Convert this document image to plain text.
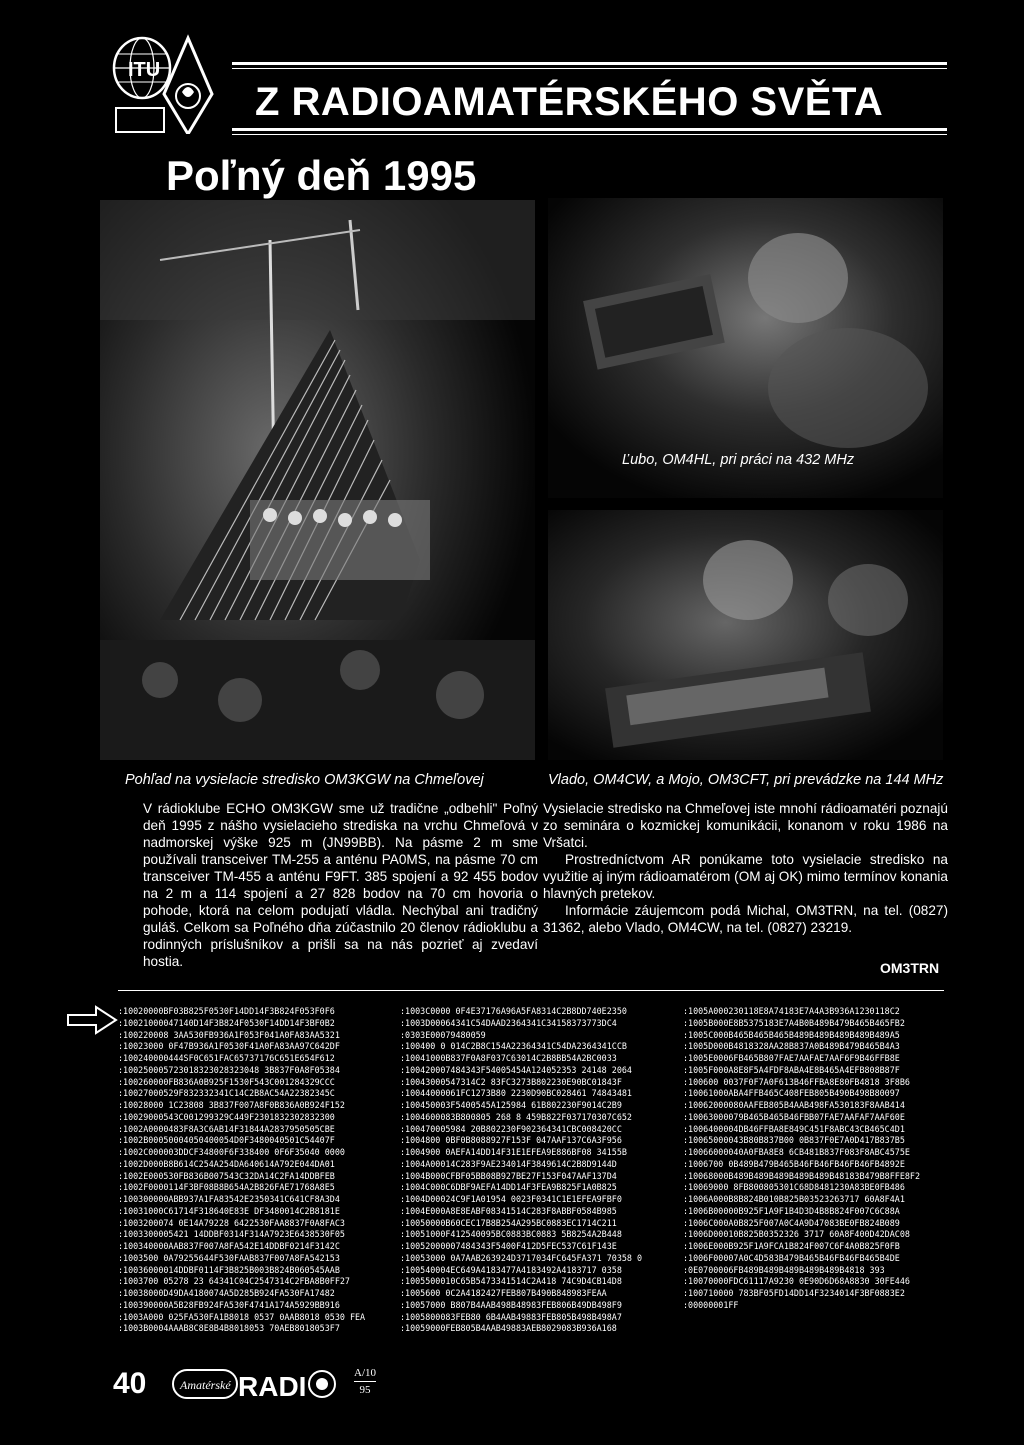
ITU
Z RADIOAMATÉRSKÉHO SVĚTA
Poľný deň 1995
Ľubo, OM4HL, pri práci na 432 MHz
Pohľad na vysielacie stredisko OM3KGW na Chmeľovej	Vlado, OM4CW, a Mojo, OM3CFT, pri prevádzke na 144 MHz

V rádioklube ECHO OM3KGW sme už tradične „odbehli" Poľný deň 1995 z nášho vysielacieho strediska na vrchu Chmeľová v nadmorskej výške 925 m (JN99BB). Na pásme 2 m sme používali transceiver TM-255 a anténu PA0MS, na pásme 70 cm transceiver TM-455 a anténu F9FT. 385 spojení a 92 455 bodov na 2 m a 114 spojení a 27 828 bodov na 70 cm hovoria o pohode, ktorá na celom podujatí vládla. Nechýbal ani tradičný guláš. Celkom sa Poľného dňa zúčastnilo 20 členov rádioklubu a rodinných príslušníkov a prišli sa na nás pozrieť aj zvedaví hostia.

Vysielacie stredisko na Chmeľovej iste mnohí rádioamatéri poznajú zo seminára o kozmickej komunikácii, konanom v roku 1986 na Vršatci.

Prostredníctvom AR ponúkame toto vysielacie stredisko na využitie aj iným rádioamatérom (OM aj OK) mimo termínov konania hlavných pretekov.

Informácie záujemcom podá Michal, OM3TRN, na tel. (0827) 31362, alebo Vlado, OM4CW, na tel. (0827) 23219.

OM3TRN
:10020000BF03B825F0530F14DD14F3B824F053F0F6
:10021000047140D14F3B824F0530F14DD14F3BF0B2
:100220008 3AA530FB936A1F053F041A0FA83AA5321
:10023000 0F47B936A1F0530F41A0FA83AA97C642DF
:100240000444SF0C651FAC65737176C651E654F612
:100250005723018323028323048 3B837F0A8F05384
:100260000FB836A0B925F1530F543C001284329CCC
:10027000529F832332341C14C2B8AC54A22382345C
:10028000 1C23808 3B837F007A8F0B836A0B924F152
:10029000543C001299329C449F2301832302832300
:1002A0000483F8A3C6AB14F31844A2837950505CBE
:1002B00050004050400054D0F3480040501C54407F
:1002C000003DDCF34800F6F338400 0F6F35040 0000
:1002D000B8B614C254A254DA640614A792E044DA01
:1002E000530FB836B007543C32DA14C2FA14DDBFEB
:1002F0000114F3BF08B8B654A2B826FAE71768A8E5
:100300000ABB937A1FA83542E2350341C641CF8A3D4
:10031000C61714F318640E83E DF3480014C2B8181E
:1003200074 0E14A79228 6422530FAA8837F0A8FAC3
:1003300005421 14DDBF0314F314A7923E6438530F05
:100340000AAB837F007A8FA542E14DDBF0214F3142C
:1003500 0A79255644F530FAAB837F007A8FA542153
:10036000014DDBF0114F3B825B003B824B060545AAB
:1003700 05278 23 64341C04C2547314C2FBA8B0FF27
:10038000D49DA4180074A5D285B924FA530FA17482
:100390000A5B28FB924FA530F4741A174A5929BB916
:1003A000 025FA530FA1B8018 0537 0AAB8018 0530 FEA
:1003B0004AAAB8C8E8B4B8018053 70AEB8018053F7
:1003C0000 0F4E37176A96A5FA8314C2B8DD740E2350
:1003D00064341C54DAAD2364341C34158373773DC4
:0303E00079480059
:100400 0 014C2B8C154A22364341C54DA2364341CCB
:10041000B837F0A8F037C63014C2B8BB54A2BC0033
:100420007484343F54005454A124052353 24148 2064
:10043000547314C2 83FC3273B802230E90BC01843F
:10044000061FC1273B80 2230D90BC028461 74843481
:100450003F5400545A125984 61B802230F9014C2B9
:1004600083B800805 268 8 459B822F037170307C652
:100470005984 20B802230F902364341CBC008420CC
:1004800 0BF0B8088927F153F 047AAF137C6A3F956
:1004900 0AEFA14DD14F31E1EFEA9E886BF08 34155B
:1004A00014C283F9AE234014F3849614C2B8D9144D
:1004B000CFBF05BB08B927BE27F153F047AAF137D4
:1004C000C6DBF9AEFA14DD14F3FEA9B825F1A0B825
:1004D00024C9F1A01954 0023F0341C1E1EFEA9FBF0
:1004E000A8E8EABF08341514C283F8ABBF0584B985
:10050000B60CEC17B8B254A295BC0883EC1714C211
:10051000F412540095BC0883BC0883 5B8254A2B448
:10052000007484343F5400F412D5FEC537C61F143E
:10053000 0A7AAB263924D3717034FC645FA371 70358 0
:100540004EC649A4183477A4183492A4183717 0358
:1005500010C65B5473341514C2A418 74C9D4CB14D8
:1005600 0C2A4182427FEB807B490B848983FEAA
:10057000 B807B4AAB498B48983FEB806B49DB498F9
:1005800083FEB80 6B4AAB49883FEB805B498B498A7
:10059000FEB805B4AAB49883AEB8029083B936A168
:1005A000230118E8A74183E7A4A3B936A1230118C2
:1005B000E8B5375183E7A4B0B489B479B465B465FB2
:1005C000B465B465B465B489B489B489B489B489A5
:1005D000B4818328AA28B837A0B489B479B465B4A3
:1005E0006FB465B807FAE7AAFAE7AAF6F9B46FFB8E
:1005F000A8E8F5A4FDF8ABA4E8B465A4EFB808B87F
:100600 0037F0F7A0F613B46FFBA8E80FB4818 3F8B6
:10061000ABA4FFB465C408FEB805B490B498B80097
:10062000080AAFEB805B4AAB498FA530183F8AAB414
:10063000079B465B465B46FBB07FAE7AAFAF7AAF60E
:1006400004DB46FFBA8E849C451F8ABC43CB465C4D1
:10065000043B80B837B00 0B837F0E7A0D417B837B5
:10066000040A0FBA8E8 6CB481B837F083F8ABC4575E
:1006700 0B489B479B465B46FB46FB46FB46FB4892E
:10068000B489B489B489B489B489B48183B479B8FFE8F2
:10069000 8FB800805301C68D8481230A83BE0FB486
:1006A000B8B824B010B825B03523263717 60A8F4A1
:1006B00000B925F1A9F1B4D3D4B8B824F007C6C88A
:1006C000A0B825F007A0C4A9D47083BE0FB824B089
:1006D00010B825B0352326 3717 60A8F400D42DAC08
:1006E000B925F1A9FCA1B824F007C6F4A0B825F0FB
:1006F00007A0C4D583B479B465B46FB46FB465B4DE
:0E0700006FB489B489B489B489B489B4818 393
:10070000FDC61117A9230 0E90D6D68A8830 30FE446
:100710000 783BF05FD14DD14F3234014F3BF0883E2
:00000001FF
40	Amatérské RADI	A/10
95
